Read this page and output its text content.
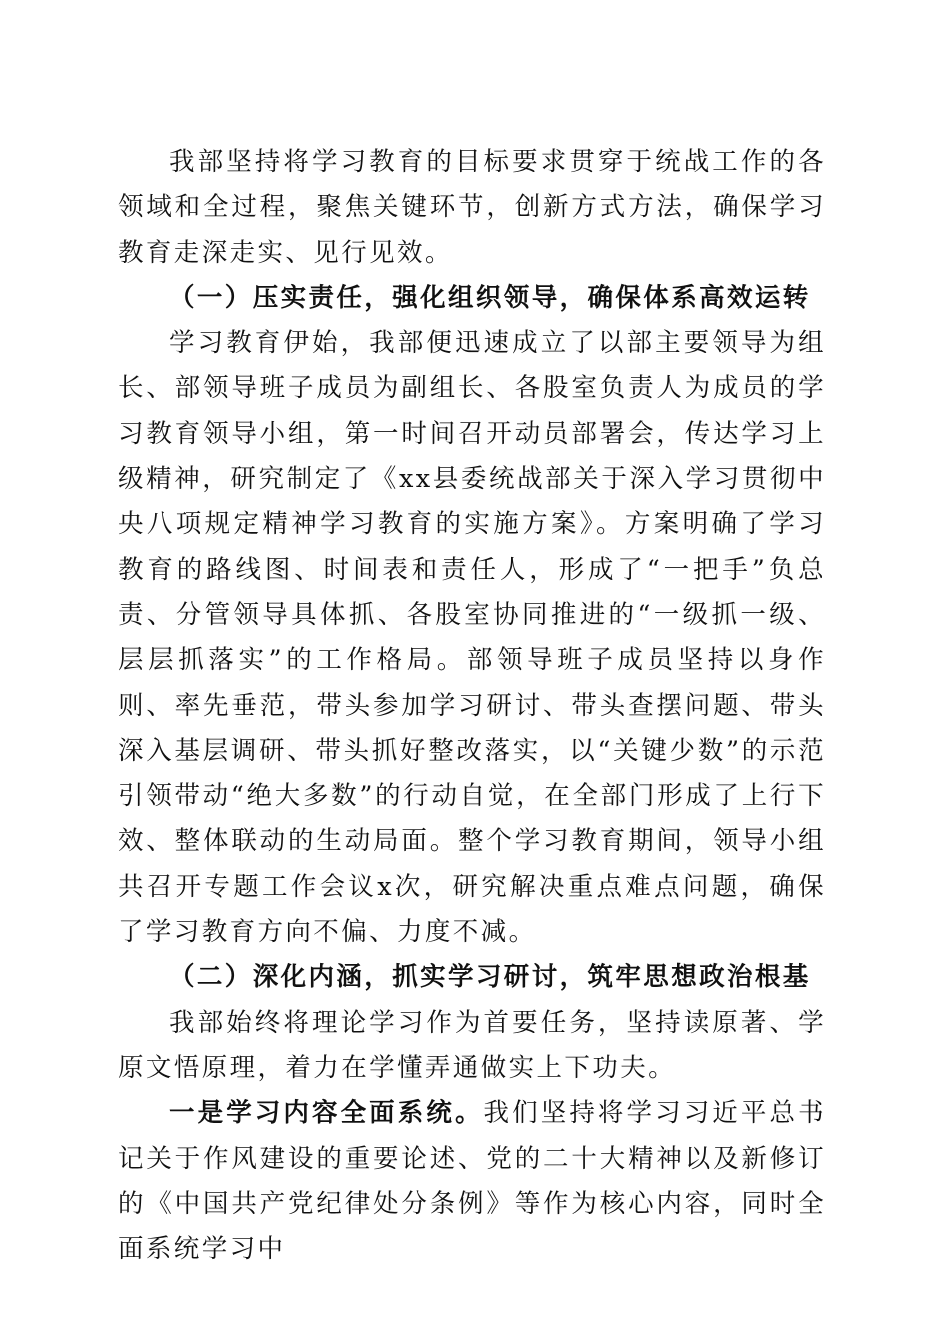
我部坚持将学习教育的目标要求贯穿于统战工作的各领域和全过程，聚焦关键环节，创新方式方法，确保学习教育走深走实、见行见效。

（一）压实责任，强化组织领导，确保体系高效运转

学习教育伊始，我部便迅速成立了以部主要领导为组长、部领导班子成员为副组长、各股室负责人为成员的学习教育领导小组，第一时间召开动员部署会，传达学习上级精神，研究制定了《xx县委统战部关于深入学习贯彻中央八项规定精神学习教育的实施方案》。方案明确了学习教育的路线图、时间表和责任人，形成了“一把手”负总责、分管领导具体抓、各股室协同推进的“一级抓一级、层层抓落实”的工作格局。部领导班子成员坚持以身作则、率先垂范，带头参加学习研讨、带头查摆问题、带头深入基层调研、带头抓好整改落实，以“关键少数”的示范引领带动“绝大多数”的行动自觉，在全部门形成了上行下效、整体联动的生动局面。整个学习教育期间，领导小组共召开专题工作会议x次，研究解决重点难点问题，确保了学习教育方向不偏、力度不减。

（二）深化内涵，抓实学习研讨，筑牢思想政治根基

我部始终将理论学习作为首要任务，坚持读原著、学原文悟原理，着力在学懂弄通做实上下功夫。

一是学习内容全面系统。我们坚持将学习习近平总书记关于作风建设的重要论述、党的二十大精神以及新修订的《中国共产党纪律处分条例》等作为核心内容，同时全面系统学习中
